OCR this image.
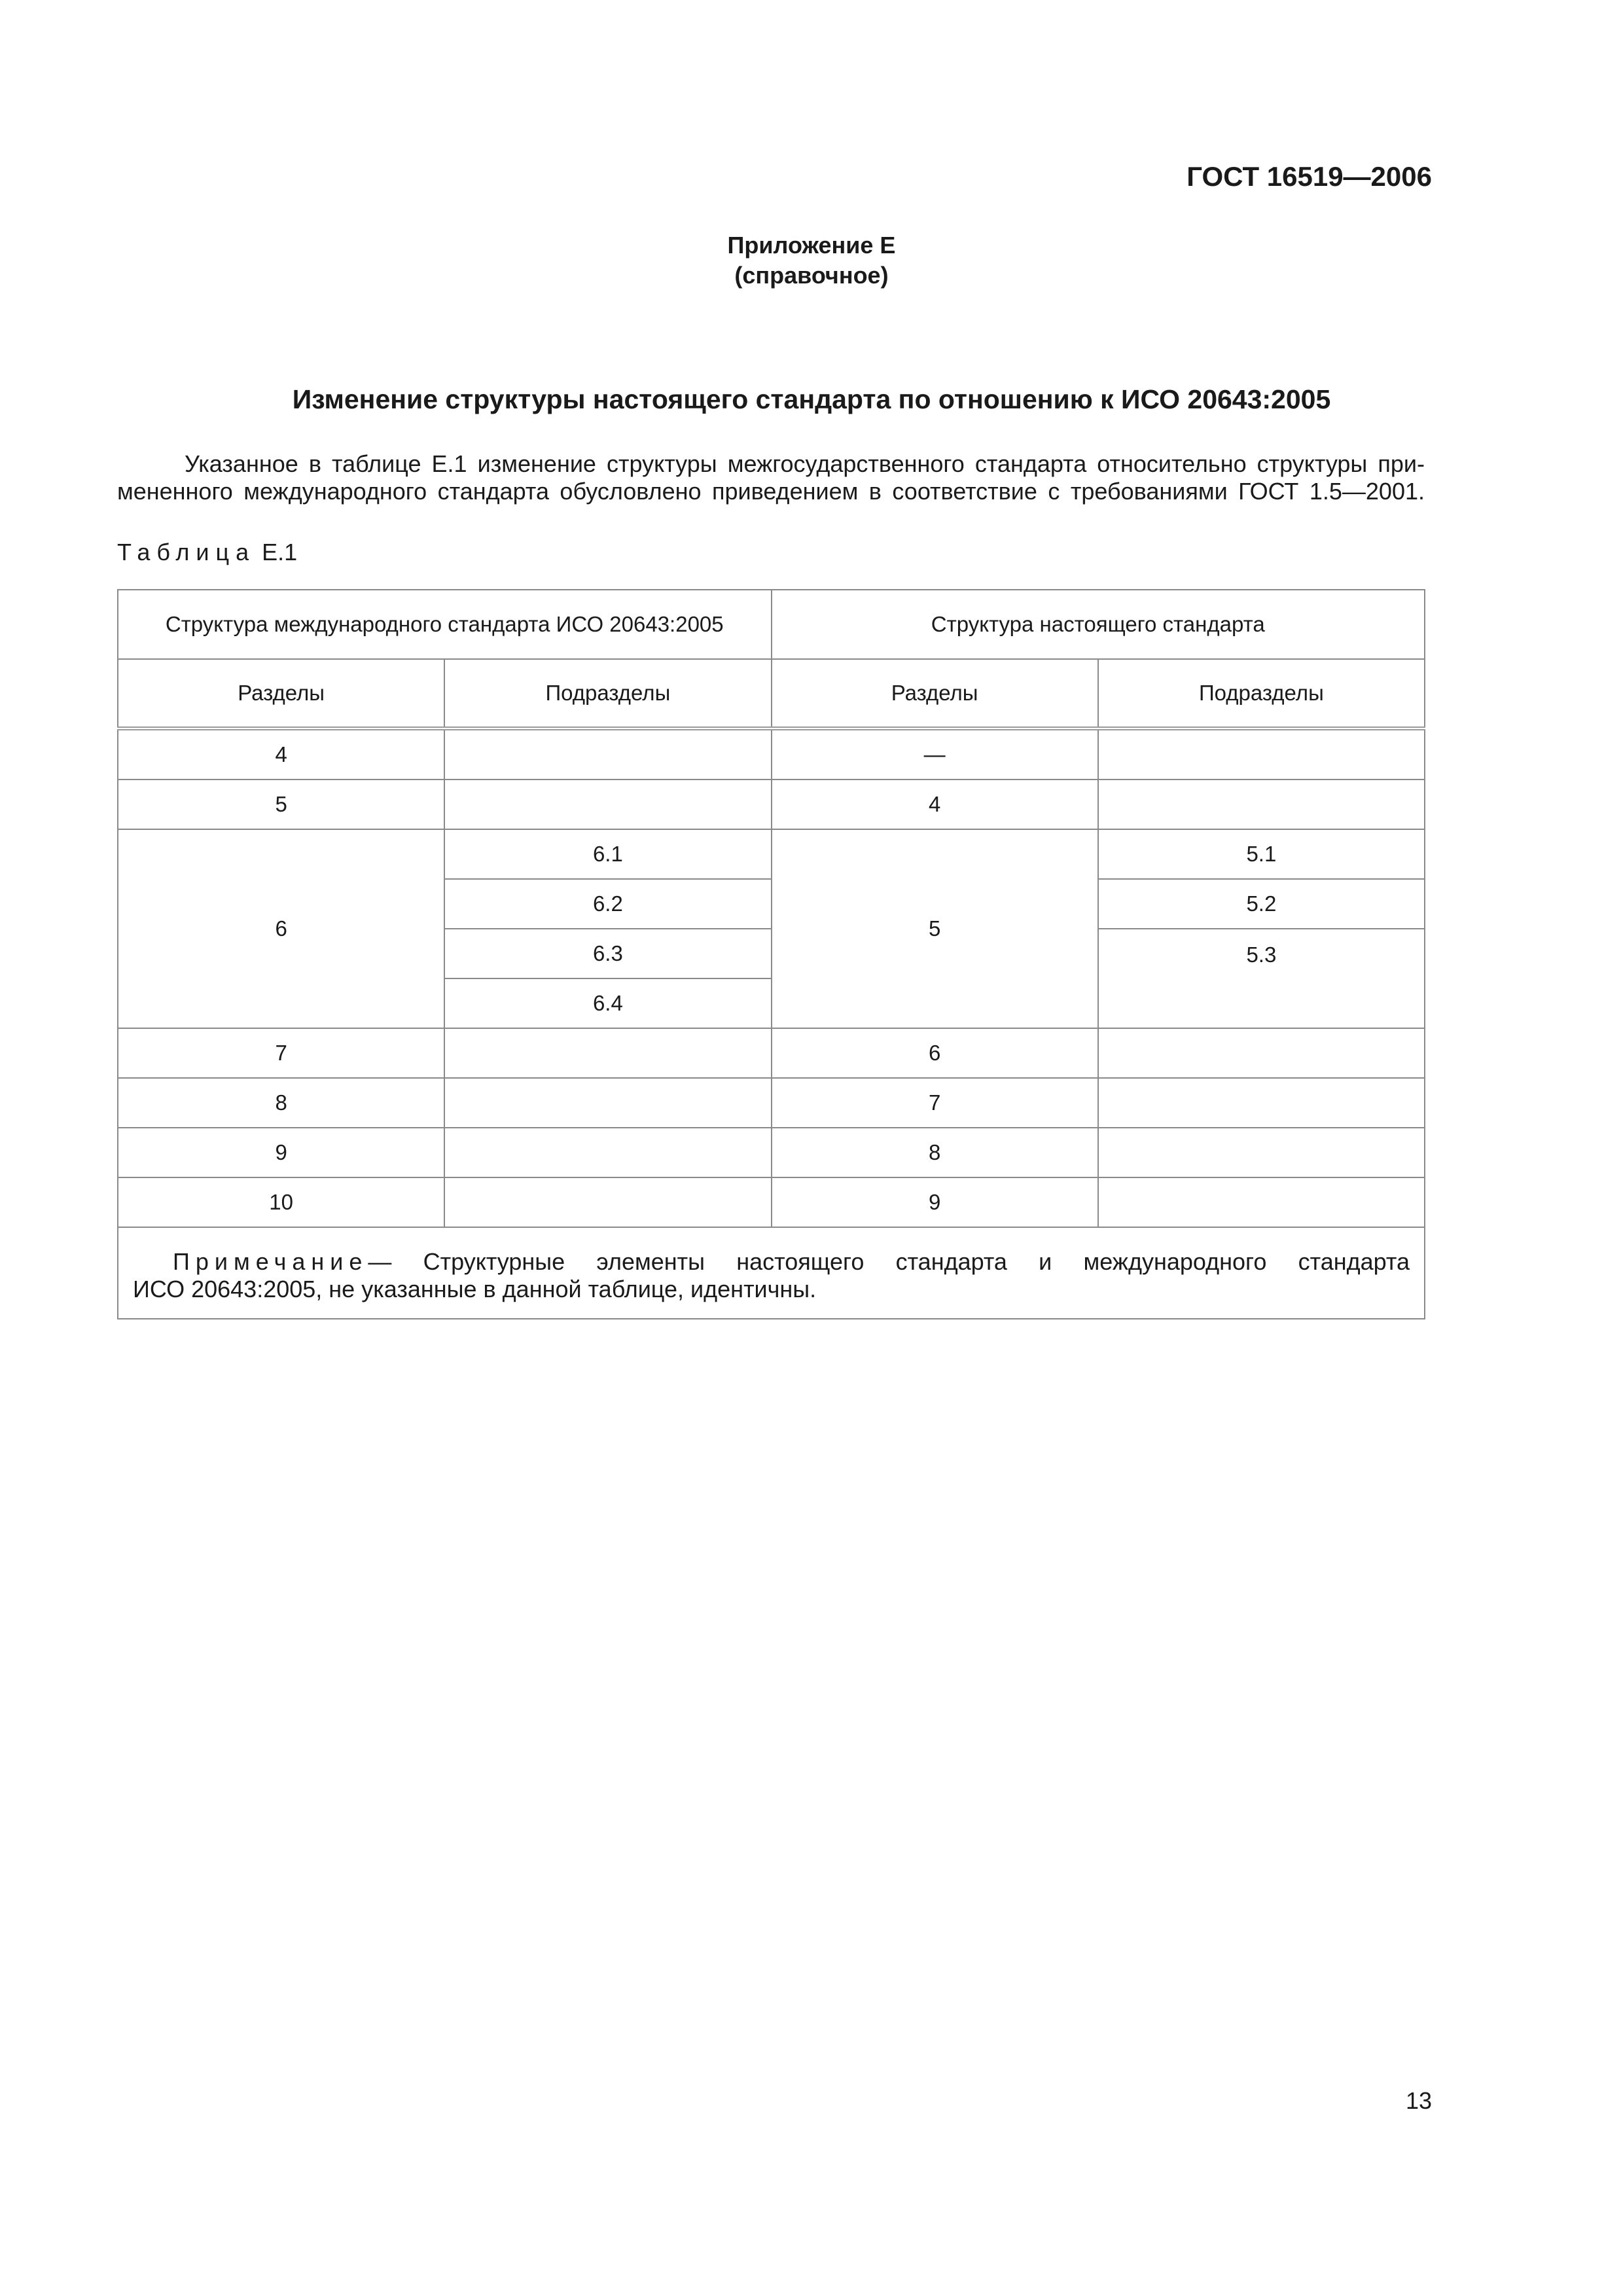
ГОСТ 16519—2006
Приложение Е
(справочное)
Изменение структуры настоящего стандарта по отношению к ИСО 20643:2005
Указанное в таблице Е.1 изменение структуры межгосударственного стандарта относительно структуры при-
мененного международного стандарта обусловлено приведением в соответствие с требованиями ГОСТ 1.5—2001.
Таблица Е.1
Структура международного стандарта ИСО 20643:2005		Структура настоящего стандарта	
Разделы	Подразделы	Разделы	Подразделы
4		—	
5		4	
6	6.1	5	5.1
	6.2		5.2
	6.3		5.3
	6.4		
7		6	
8		7	
9		8	
10		9	

Примечание— Структурные элементы настоящего стандарта и международного стандарта
ИСО 20643:2005, не указанные в данной таблице, идентичны.			
13
